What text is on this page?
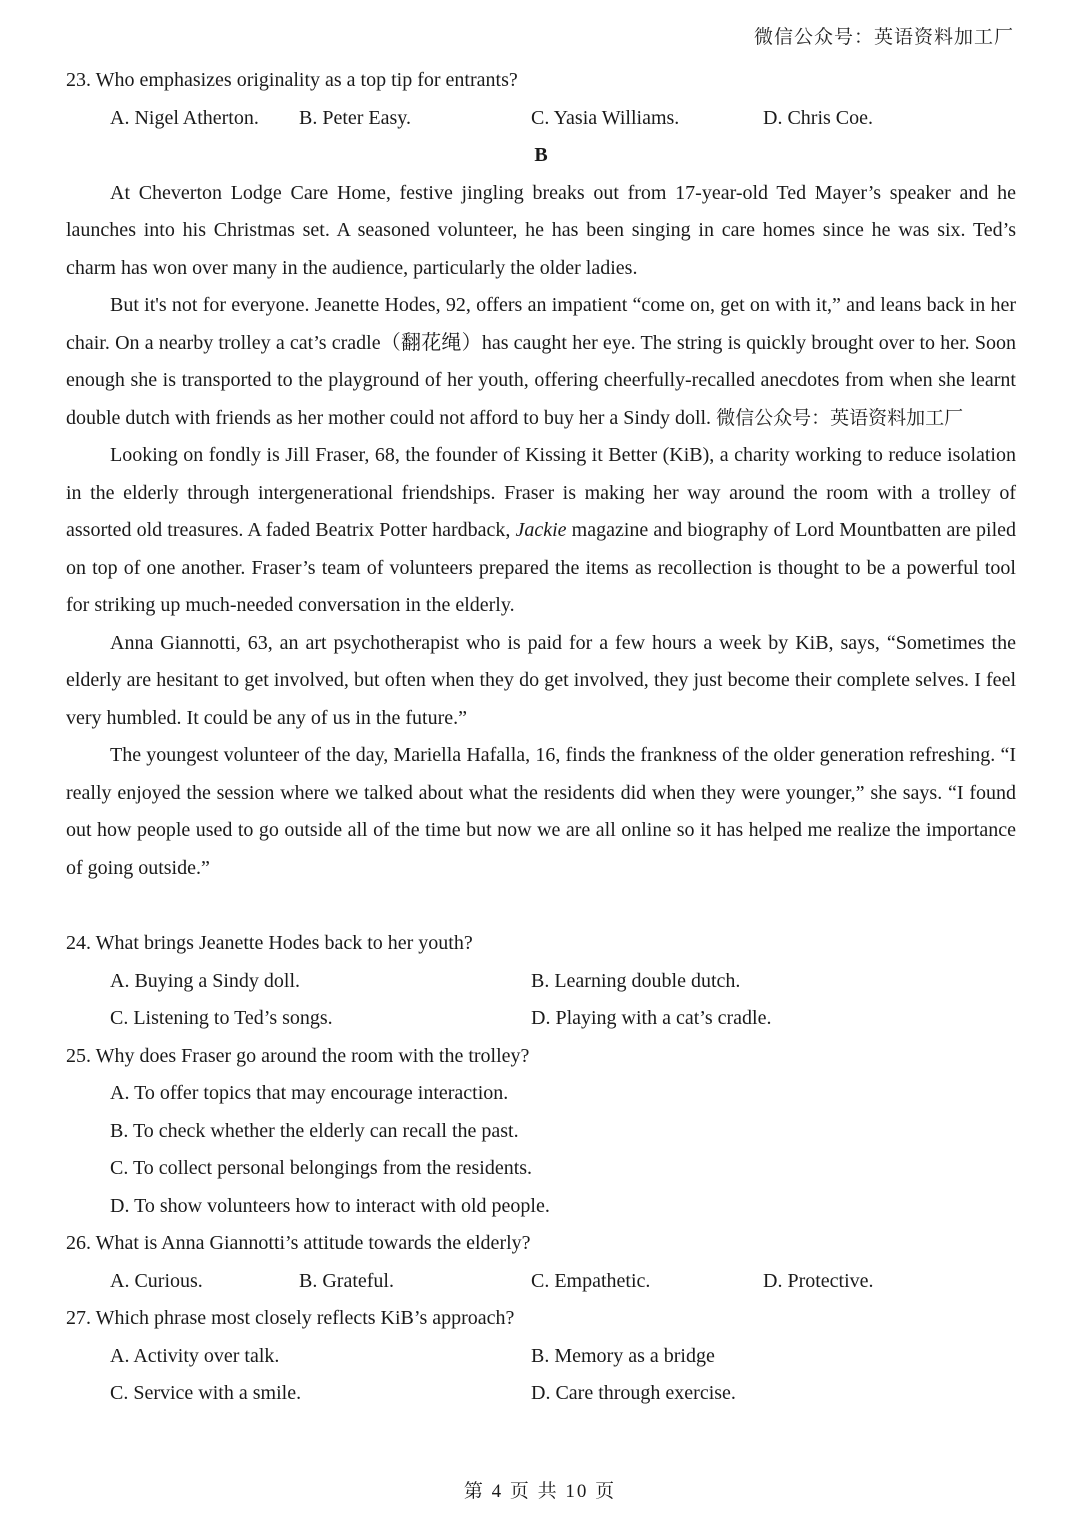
微信公众号：英语资料加工厂

23. Who emphasizes originality as a top tip for entrants?

A. Nigel Atherton.	B. Peter Easy.	C. Yasia Williams.	D. Chris Coe.
B

At Cheverton Lodge Care Home, festive jingling breaks out from 17-year-old Ted Mayer’s speaker and he launches into his Christmas set. A seasoned volunteer, he has been singing in care homes since he was six. Ted’s charm has won over many in the audience, particularly the older ladies.

But it's not for everyone. Jeanette Hodes, 92, offers an impatient “come on, get on with it,” and leans back in her chair. On a nearby trolley a cat’s cradle（翻花绳）has caught her eye. The string is quickly brought over to her. Soon enough she is transported to the playground of her youth, offering cheerfully-recalled anecdotes from when she learnt double dutch with friends as her mother could not afford to buy her a Sindy doll. 微信公众号：英语资料加工厂

Looking on fondly is Jill Fraser, 68, the founder of Kissing it Better (KiB), a charity working to reduce isolation in the elderly through intergenerational friendships. Fraser is making her way around the room with a trolley of assorted old treasures. A faded Beatrix Potter hardback, Jackie magazine and biography of Lord Mountbatten are piled on top of one another. Fraser’s team of volunteers prepared the items as recollection is thought to be a powerful tool for striking up much-needed conversation in the elderly.

Anna Giannotti, 63, an art psychotherapist who is paid for a few hours a week by KiB, says, “Sometimes the elderly are hesitant to get involved, but often when they do get involved, they just become their complete selves. I feel very humbled. It could be any of us in the future.”

The youngest volunteer of the day, Mariella Hafalla, 16, finds the frankness of the older generation refreshing. “I really enjoyed the session where we talked about what the residents did when they were younger,” she says. “I found out how people used to go outside all of the time but now we are all online so it has helped me realize the importance of going outside.”

24. What brings Jeanette Hodes back to her youth?

A. Buying a Sindy doll.	B. Learning double dutch.
C. Listening to Ted’s songs.	D. Playing with a cat’s cradle.

25. Why does Fraser go around the room with the trolley?

A. To offer topics that may encourage interaction.
B. To check whether the elderly can recall the past.
C. To collect personal belongings from the residents.
D. To show volunteers how to interact with old people.

26. What is Anna Giannotti’s attitude towards the elderly?

A. Curious.	B. Grateful.	C. Empathetic.	D. Protective.

27. Which phrase most closely reflects KiB’s approach?

A. Activity over talk.	B. Memory as a bridge
C. Service with a smile.	D. Care through exercise.
第 4 页 共 10 页
